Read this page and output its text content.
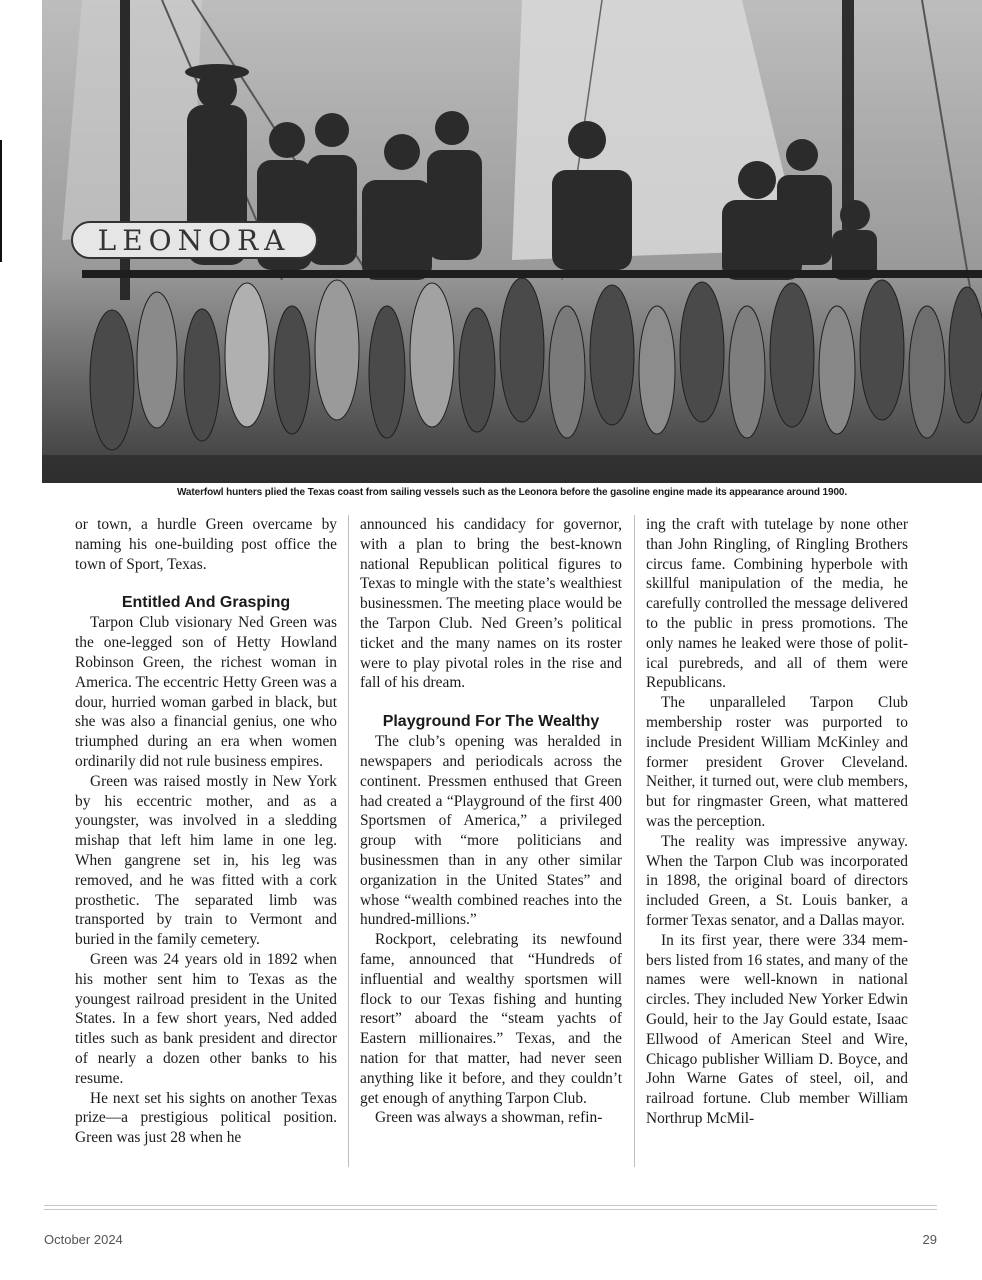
LEONORA
Waterfowl hunters plied the Texas coast from sailing vessels such as the Leonora before the gasoline engine made its appearance around 1900.

or town, a hurdle Green overcame by naming his one-building post office the town of Sport, Texas.

Entitled And Grasping

Tarpon Club visionary Ned Green was the one-legged son of Hetty Howland Robinson Green, the richest woman in America. The eccentric Hetty Green was a dour, hurried woman garbed in black, but she was also a financial genius, one who triumphed during an era when women ordinarily did not rule business empires.

Green was raised mostly in New York by his eccentric mother, and as a youngster, was involved in a sledding mishap that left him lame in one leg. When gangrene set in, his leg was removed, and he was fitted with a cork prosthetic. The separated limb was transported by train to Vermont and buried in the family cemetery.

Green was 24 years old in 1892 when his mother sent him to Texas as the youngest railroad president in the United States. In a few short years, Ned added titles such as bank president and director of nearly a dozen other banks to his resume.

He next set his sights on another Texas prize—a prestigious political position. Green was just 28 when he

announced his candidacy for governor, with a plan to bring the best-known national Republican political figures to Texas to mingle with the state’s wealthiest businessmen. The meeting place would be the Tarpon Club. Ned Green’s political ticket and the many names on its roster were to play pivotal roles in the rise and fall of his dream.

Playground For The Wealthy

The club’s opening was heralded in newspapers and periodicals across the continent. Pressmen enthused that Green had created a “Playground of the first 400 Sportsmen of America,” a privileged group with “more politicians and businessmen than in any other similar organization in the United States” and whose “wealth combined reaches into the hundred-millions.”

Rockport, celebrating its newfound fame, announced that “Hundreds of influential and wealthy sportsmen will flock to our Texas fishing and hunting resort” aboard the “steam yachts of Eastern millionaires.” Texas, and the nation for that matter, had never seen anything like it before, and they couldn’t get enough of anything Tarpon Club.

Green was always a showman, refin-

ing the craft with tutelage by none other than John Ringling, of Ringling Brothers circus fame. Combining hyperbole with skillful manipulation of the media, he carefully controlled the message delivered to the public in press promotions. The only names he leaked were those of political purebreds, and all of them were Republicans.

The unparalleled Tarpon Club membership roster was purported to include President William McKinley and former president Grover Cleveland. Neither, it turned out, were club members, but for ringmaster Green, what mattered was the perception.

The reality was impressive anyway. When the Tarpon Club was incorporated in 1898, the original board of directors included Green, a St. Louis banker, a former Texas senator, and a Dallas mayor.

In its first year, there were 334 members listed from 16 states, and many of the names were well-known in national circles. They included New Yorker Edwin Gould, heir to the Jay Gould estate, Isaac Ellwood of American Steel and Wire, Chicago publisher William D. Boyce, and John Warne Gates of steel, oil, and railroad fortune. Club member William Northrup McMil-

October 2024	29
